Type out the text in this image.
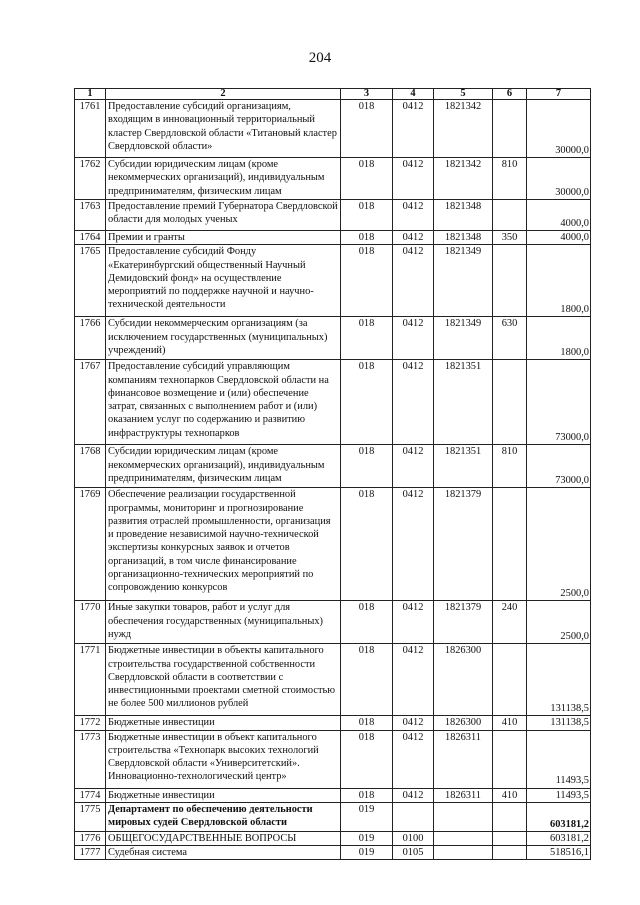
204
1	2	3	4	5	6	7
1761	Предоставление субсидий организациям, входящим в инновационный территориальный кластер Свердловской области «Титановый кластер Свердловской области»	018	0412	1821342		30000,0
1762	Субсидии юридическим лицам (кроме некоммерческих организаций), индивидуальным предпринимателям, физическим лицам	018	0412	1821342	810	30000,0
1763	Предоставление премий Губернатора Свердловской области для молодых ученых	018	0412	1821348		4000,0
1764	Премии и гранты	018	0412	1821348	350	4000,0
1765	Предоставление субсидий Фонду «Екатеринбургский общественный Научный Демидовский фонд» на осуществление мероприятий по поддержке научной и научно-технической деятельности	018	0412	1821349		1800,0
1766	Субсидии некоммерческим организациям (за исключением государственных (муниципальных) учреждений)	018	0412	1821349	630	1800,0
1767	Предоставление субсидий управляющим компаниям технопарков Свердловской области на финансовое возмещение и (или) обеспечение затрат, связанных с выполнением работ и (или) оказанием услуг по содержанию и развитию инфраструктуры технопарков	018	0412	1821351		73000,0
1768	Субсидии юридическим лицам (кроме некоммерческих организаций), индивидуальным предпринимателям, физическим лицам	018	0412	1821351	810	73000,0
1769	Обеспечение реализации государственной программы, мониторинг и прогнозирование развития отраслей промышленности, организация и проведение независимой научно-технической экспертизы конкурсных заявок и отчетов организаций, в том числе финансирование организационно-технических мероприятий по сопровождению конкурсов	018	0412	1821379		2500,0
1770	Иные закупки товаров, работ и услуг для обеспечения государственных (муниципальных) нужд	018	0412	1821379	240	2500,0
1771	Бюджетные инвестиции в объекты капитального строительства государственной собственности Свердловской области в соответствии с инвестиционными проектами сметной стоимостью не более 500 миллионов рублей	018	0412	1826300		131138,5
1772	Бюджетные инвестиции	018	0412	1826300	410	131138,5
1773	Бюджетные инвестиции в объект капитального строительства «Технопарк высоких технологий Свердловской области «Университетский». Инновационно-технологический центр»	018	0412	1826311		11493,5
1774	Бюджетные инвестиции	018	0412	1826311	410	11493,5
1775	Департамент по обеспечению деятельности мировых судей Свердловской области	019				603181,2
1776	ОБЩЕГОСУДАРСТВЕННЫЕ ВОПРОСЫ	019	0100			603181,2
1777	Судебная система	019	0105			518516,1
